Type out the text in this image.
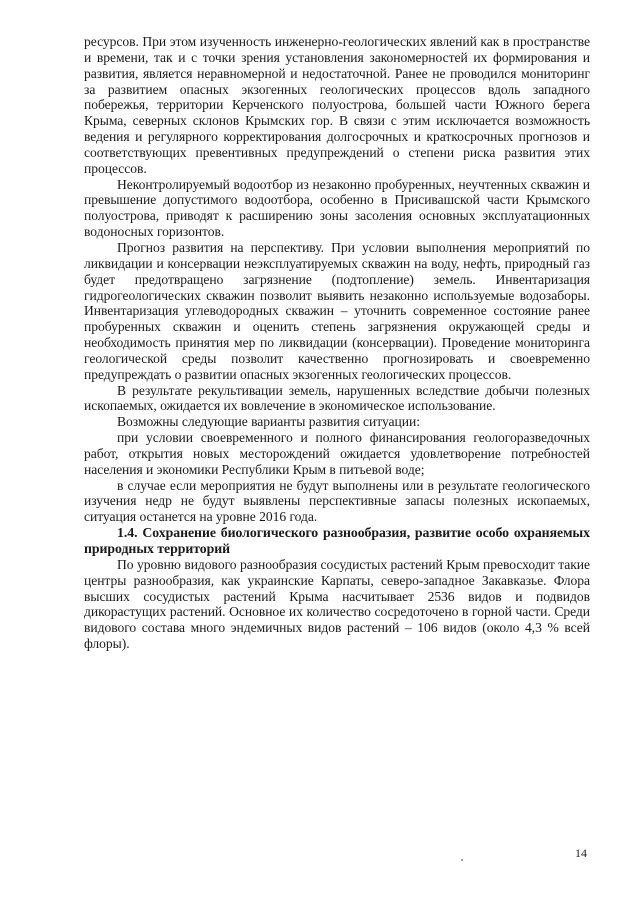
ресурсов. При этом изученность инженерно-геологических явлений как в пространстве и времени, так и с точки зрения установления закономерностей их формирования и развития, является неравномерной и недостаточной. Ранее не проводился мониторинг за развитием опасных экзогенных геологических процессов вдоль западного побережья, территории Керченского полуострова, большей части Южного берега Крыма, северных склонов Крымских гор. В связи с этим исключается возможность ведения и регулярного корректирования долгосрочных и краткосрочных прогнозов и соответствующих превентивных предупреждений о степени риска развития этих процессов.

Неконтролируемый водоотбор из незаконно пробуренных, неучтенных скважин и превышение допустимого водоотбора, особенно в Присивашской части Крымского полуострова, приводят к расширению зоны засоления основных эксплуатационных водоносных горизонтов.

Прогноз развития на перспективу. При условии выполнения мероприятий по ликвидации и консервации неэксплуатируемых скважин на воду, нефть, природный газ будет предотвращено загрязнение (подтопление) земель. Инвентаризация гидрогеологических скважин позволит выявить незаконно используемые водозаборы. Инвентаризация углеводородных скважин – уточнить современное состояние ранее пробуренных скважин и оценить степень загрязнения окружающей среды и необходимость принятия мер по ликвидации (консервации). Проведение мониторинга геологической среды позволит качественно прогнозировать и своевременно предупреждать о развитии опасных экзогенных геологических процессов.

В результате рекультивации земель, нарушенных вследствие добычи полезных ископаемых, ожидается их вовлечение в экономическое использование.

Возможны следующие варианты развития ситуации:

при условии своевременного и полного финансирования геологоразведочных работ, открытия новых месторождений ожидается удовлетворение потребностей населения и экономики Республики Крым в питьевой воде;

в случае если мероприятия не будут выполнены или в результате геологического изучения недр не будут выявлены перспективные запасы полезных ископаемых, ситуация останется на уровне 2016 года.

1.4. Сохранение биологического разнообразия, развитие особо охраняемых природных территорий

По уровню видового разнообразия сосудистых растений Крым превосходит такие центры разнообразия, как украинские Карпаты, северо-западное Закавказье. Флора высших сосудистых растений Крыма насчитывает 2536 видов и подвидов дикорастущих растений. Основное их количество сосредоточено в горной части. Среди видового состава много эндемичных видов растений – 106 видов (около 4,3 % всей флоры).

14
